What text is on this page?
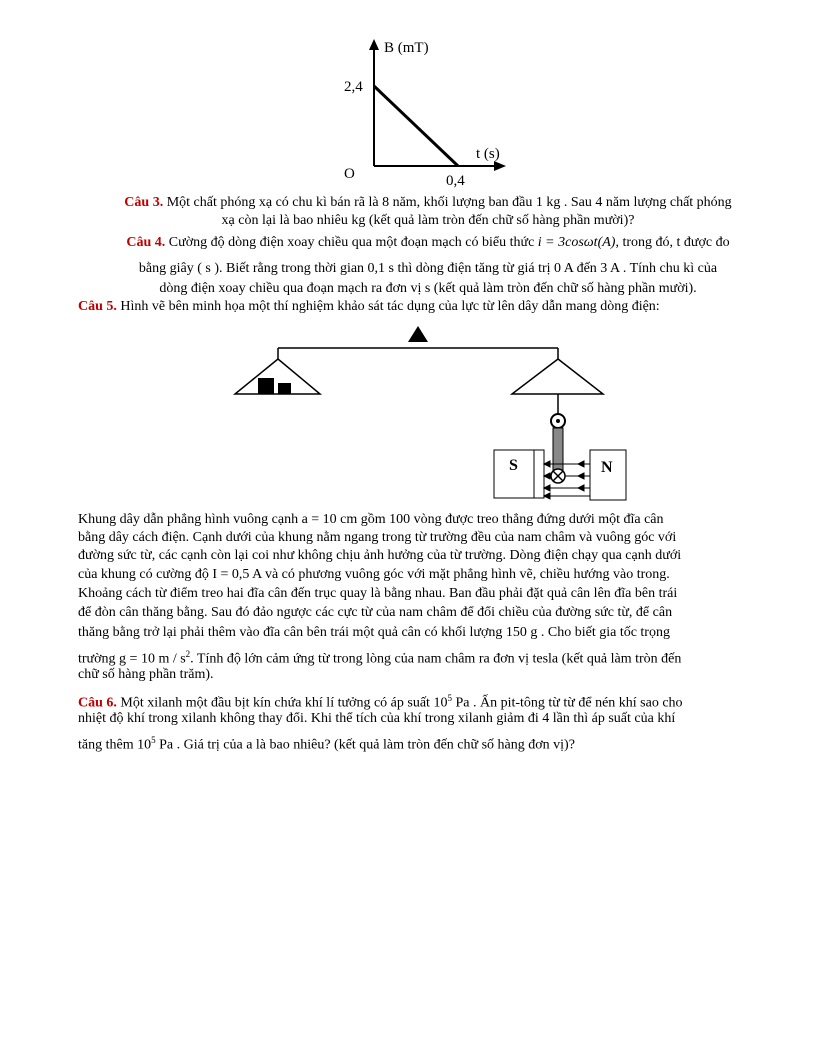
B (mT)
2,4
O
t (s)
0,4
Câu 3. Một chất phóng xạ có chu kì bán rã là 8 năm, khối lượng ban đầu 1 kg . Sau 4 năm lượng chất phóng
xạ còn lại là bao nhiêu kg (kết quả làm tròn đến chữ số hàng phần mười)?
Câu 4. Cường độ dòng điện xoay chiều qua một đoạn mạch có biểu thức i = 3cosωt(A), trong đó, t được đo
bằng giây ( s ). Biết rằng trong thời gian 0,1 s thì dòng điện tăng từ giá trị 0 A đến 3 A . Tính chu kì của
dòng điện xoay chiều qua đoạn mạch ra đơn vị s (kết quả làm tròn đến chữ số hàng phần mười).
Câu 5. Hình vẽ bên minh họa một thí nghiệm khảo sát tác dụng của lực từ lên dây dẫn mang dòng điện:
S	N
Khung dây dẫn phẳng hình vuông cạnh a = 10 cm gồm 100 vòng được treo thẳng đứng dưới một đĩa cân
bằng dây cách điện. Cạnh dưới của khung nằm ngang trong từ trường đều của nam châm và vuông góc với
đường sức từ, các cạnh còn lại coi như không chịu ảnh hưởng của từ trường. Dòng điện chạy qua cạnh dưới
của khung có cường độ I = 0,5 A và có phương vuông góc với mặt phẳng hình vẽ, chiều hướng vào trong.
Khoảng cách từ điểm treo hai đĩa cân đến trục quay là bằng nhau. Ban đầu phải đặt quả cân lên đĩa bên trái
để đòn cân thăng bằng. Sau đó đảo ngược các cực từ của nam châm để đổi chiều của đường sức từ, để cân
thăng bằng trở lại phải thêm vào đĩa cân bên trái một quả cân có khối lượng 150 g . Cho biết gia tốc trọng
trường g = 10 m / $s^2$. Tính độ lớn cảm ứng từ trong lòng của nam châm ra đơn vị tesla (kết quả làm tròn đến
chữ số hàng phần trăm).
Câu 6. Một xilanh một đầu bịt kín chứa khí lí tưởng có áp suất $10^5$ Pa . Ấn pit-tông từ từ để nén khí sao cho
nhiệt độ khí trong xilanh không thay đổi. Khi thể tích của khí trong xilanh giảm đi 4 lần thì áp suất của khí
tăng thêm $10^5$ Pa . Giá trị của a là bao nhiêu? (kết quả làm tròn đến chữ số hàng đơn vị)?
